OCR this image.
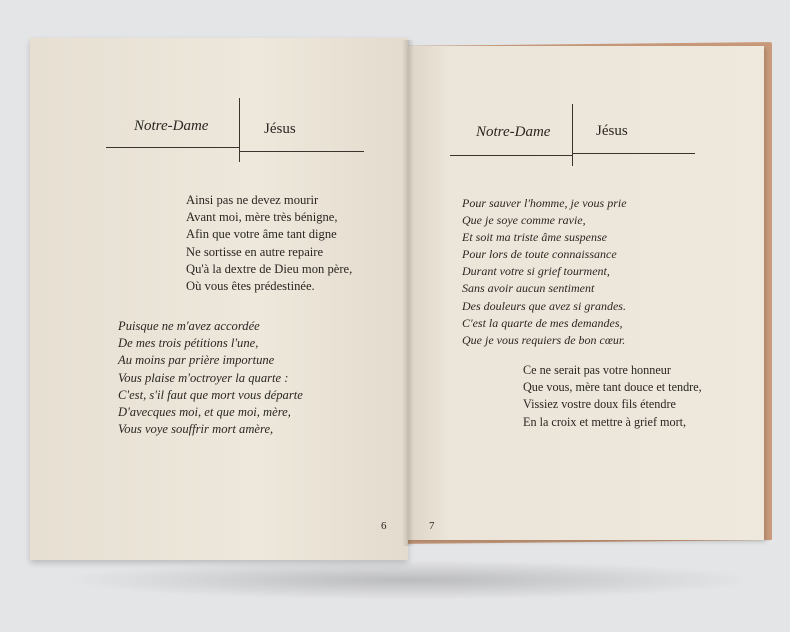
Notre-Dame	Jésus
Ainsi pas ne devez mourir
Avant moi, mère très bénigne,
Afin que votre âme tant digne
Ne sortisse en autre repaire
Qu'à la dextre de Dieu mon père,
Où vous êtes prédestinée.
Puisque ne m'avez accordée
De mes trois pétitions l'une,
Au moins par prière importune
Vous plaise m'octroyer la quarte :
C'est, s'il faut que mort vous départe
D'avecques moi, et que moi, mère,
Vous voye souffrir mort amère,
6
Notre-Dame	Jésus
Pour sauver l'homme, je vous prie
Que je soye comme ravie,
Et soit ma triste âme suspense
Pour lors de toute connaissance
Durant votre si grief tourment,
Sans avoir aucun sentiment
Des douleurs que avez si grandes.
C'est la quarte de mes demandes,
Que je vous requiers de bon cœur.
Ce ne serait pas votre honneur
Que vous, mère tant douce et tendre,
Vissiez vostre doux fils étendre
En la croix et mettre à grief mort,
7
